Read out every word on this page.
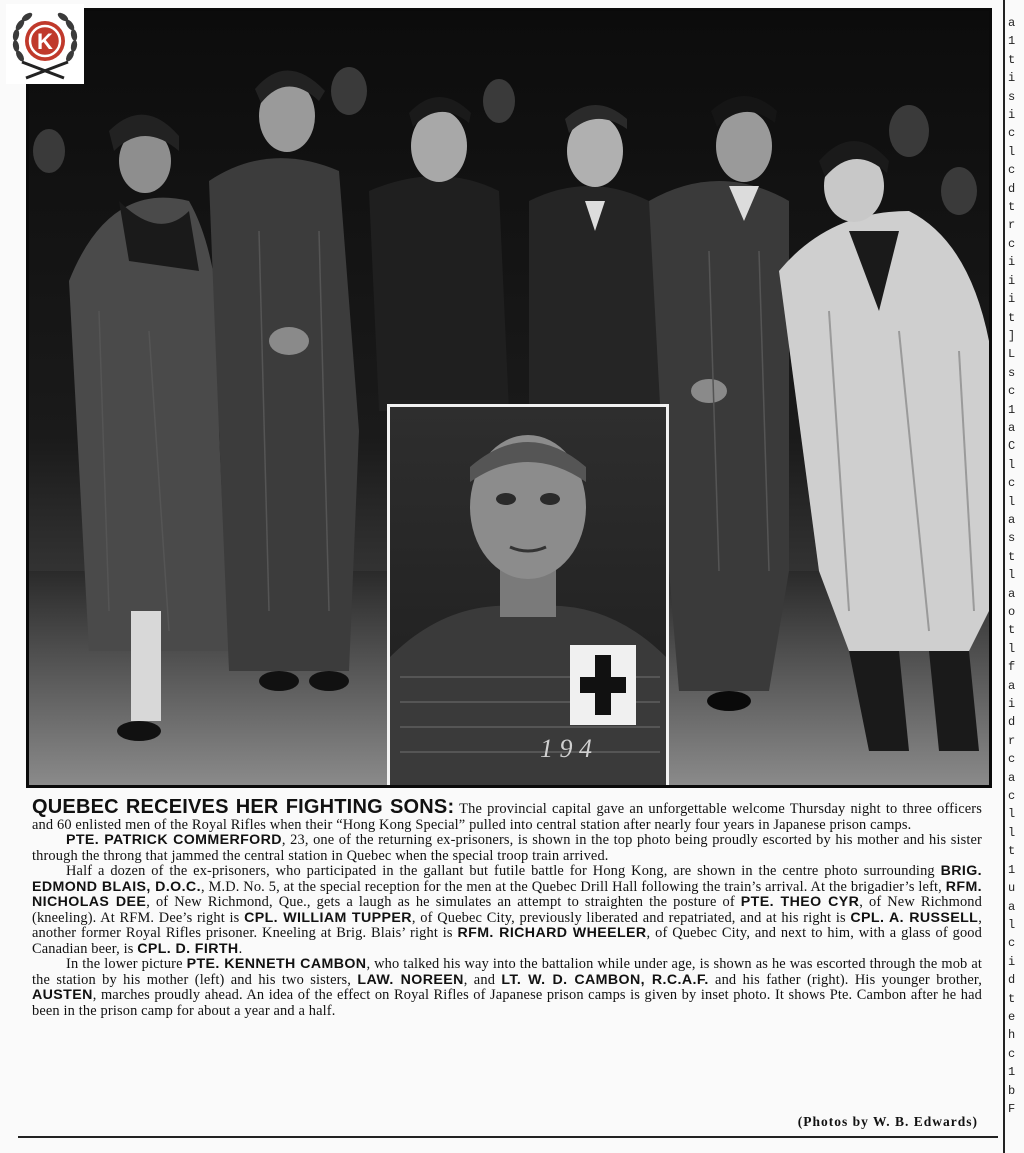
K
1 9 4
a
1
t
i
s
i
c
l
c
d
t
r
c
i
i
i
t
]
L
s
c
1
a
C
l
c
l
a
s
t
l
a
o
t
l
f
a
i
d
r
c
a
c
l
l
t
1
u
a
l
c
i
d
t
e
h
c
1
b
F

QUEBEC RECEIVES HER FIGHTING SONS: The provincial capital gave an unforgettable welcome Thursday night to three officers and 60 enlisted men of the Royal Rifles when their “Hong Kong Special” pulled into central station after nearly four years in Japanese prison camps.

PTE. PATRICK COMMERFORD, 23, one of the returning ex-prisoners, is shown in the top photo being proudly escorted by his mother and his sister through the throng that jammed the central station in Quebec when the special troop train arrived.

Half a dozen of the ex-prisoners, who participated in the gallant but futile battle for Hong Kong, are shown in the centre photo surrounding BRIG. EDMOND BLAIS, D.O.C., M.D. No. 5, at the special reception for the men at the Quebec Drill Hall following the train’s arrival. At the brigadier’s left, RFM. NICHOLAS DEE, of New Richmond, Que., gets a laugh as he simulates an attempt to straighten the posture of PTE. THEO CYR, of New Richmond (kneeling). At RFM. Dee’s right is CPL. WILLIAM TUPPER, of Quebec City, previously liberated and repatriated, and at his right is CPL. A. RUSSELL, another former Royal Rifles prisoner. Kneeling at Brig. Blais’ right is RFM. RICHARD WHEELER, of Quebec City, and next to him, with a glass of good Canadian beer, is CPL. D. FIRTH.

In the lower picture PTE. KENNETH CAMBON, who talked his way into the battalion while under age, is shown as he was escorted through the mob at the station by his mother (left) and his two sisters, LAW. NOREEN, and LT. W. D. CAMBON, R.C.A.F. and his father (right). His younger brother, AUSTEN, marches proudly ahead. An idea of the effect on Royal Rifles of Japanese prison camps is given by inset photo. It shows Pte. Cambon after he had been in the prison camp for about a year and a half.

(Photos by W. B. Edwards)
